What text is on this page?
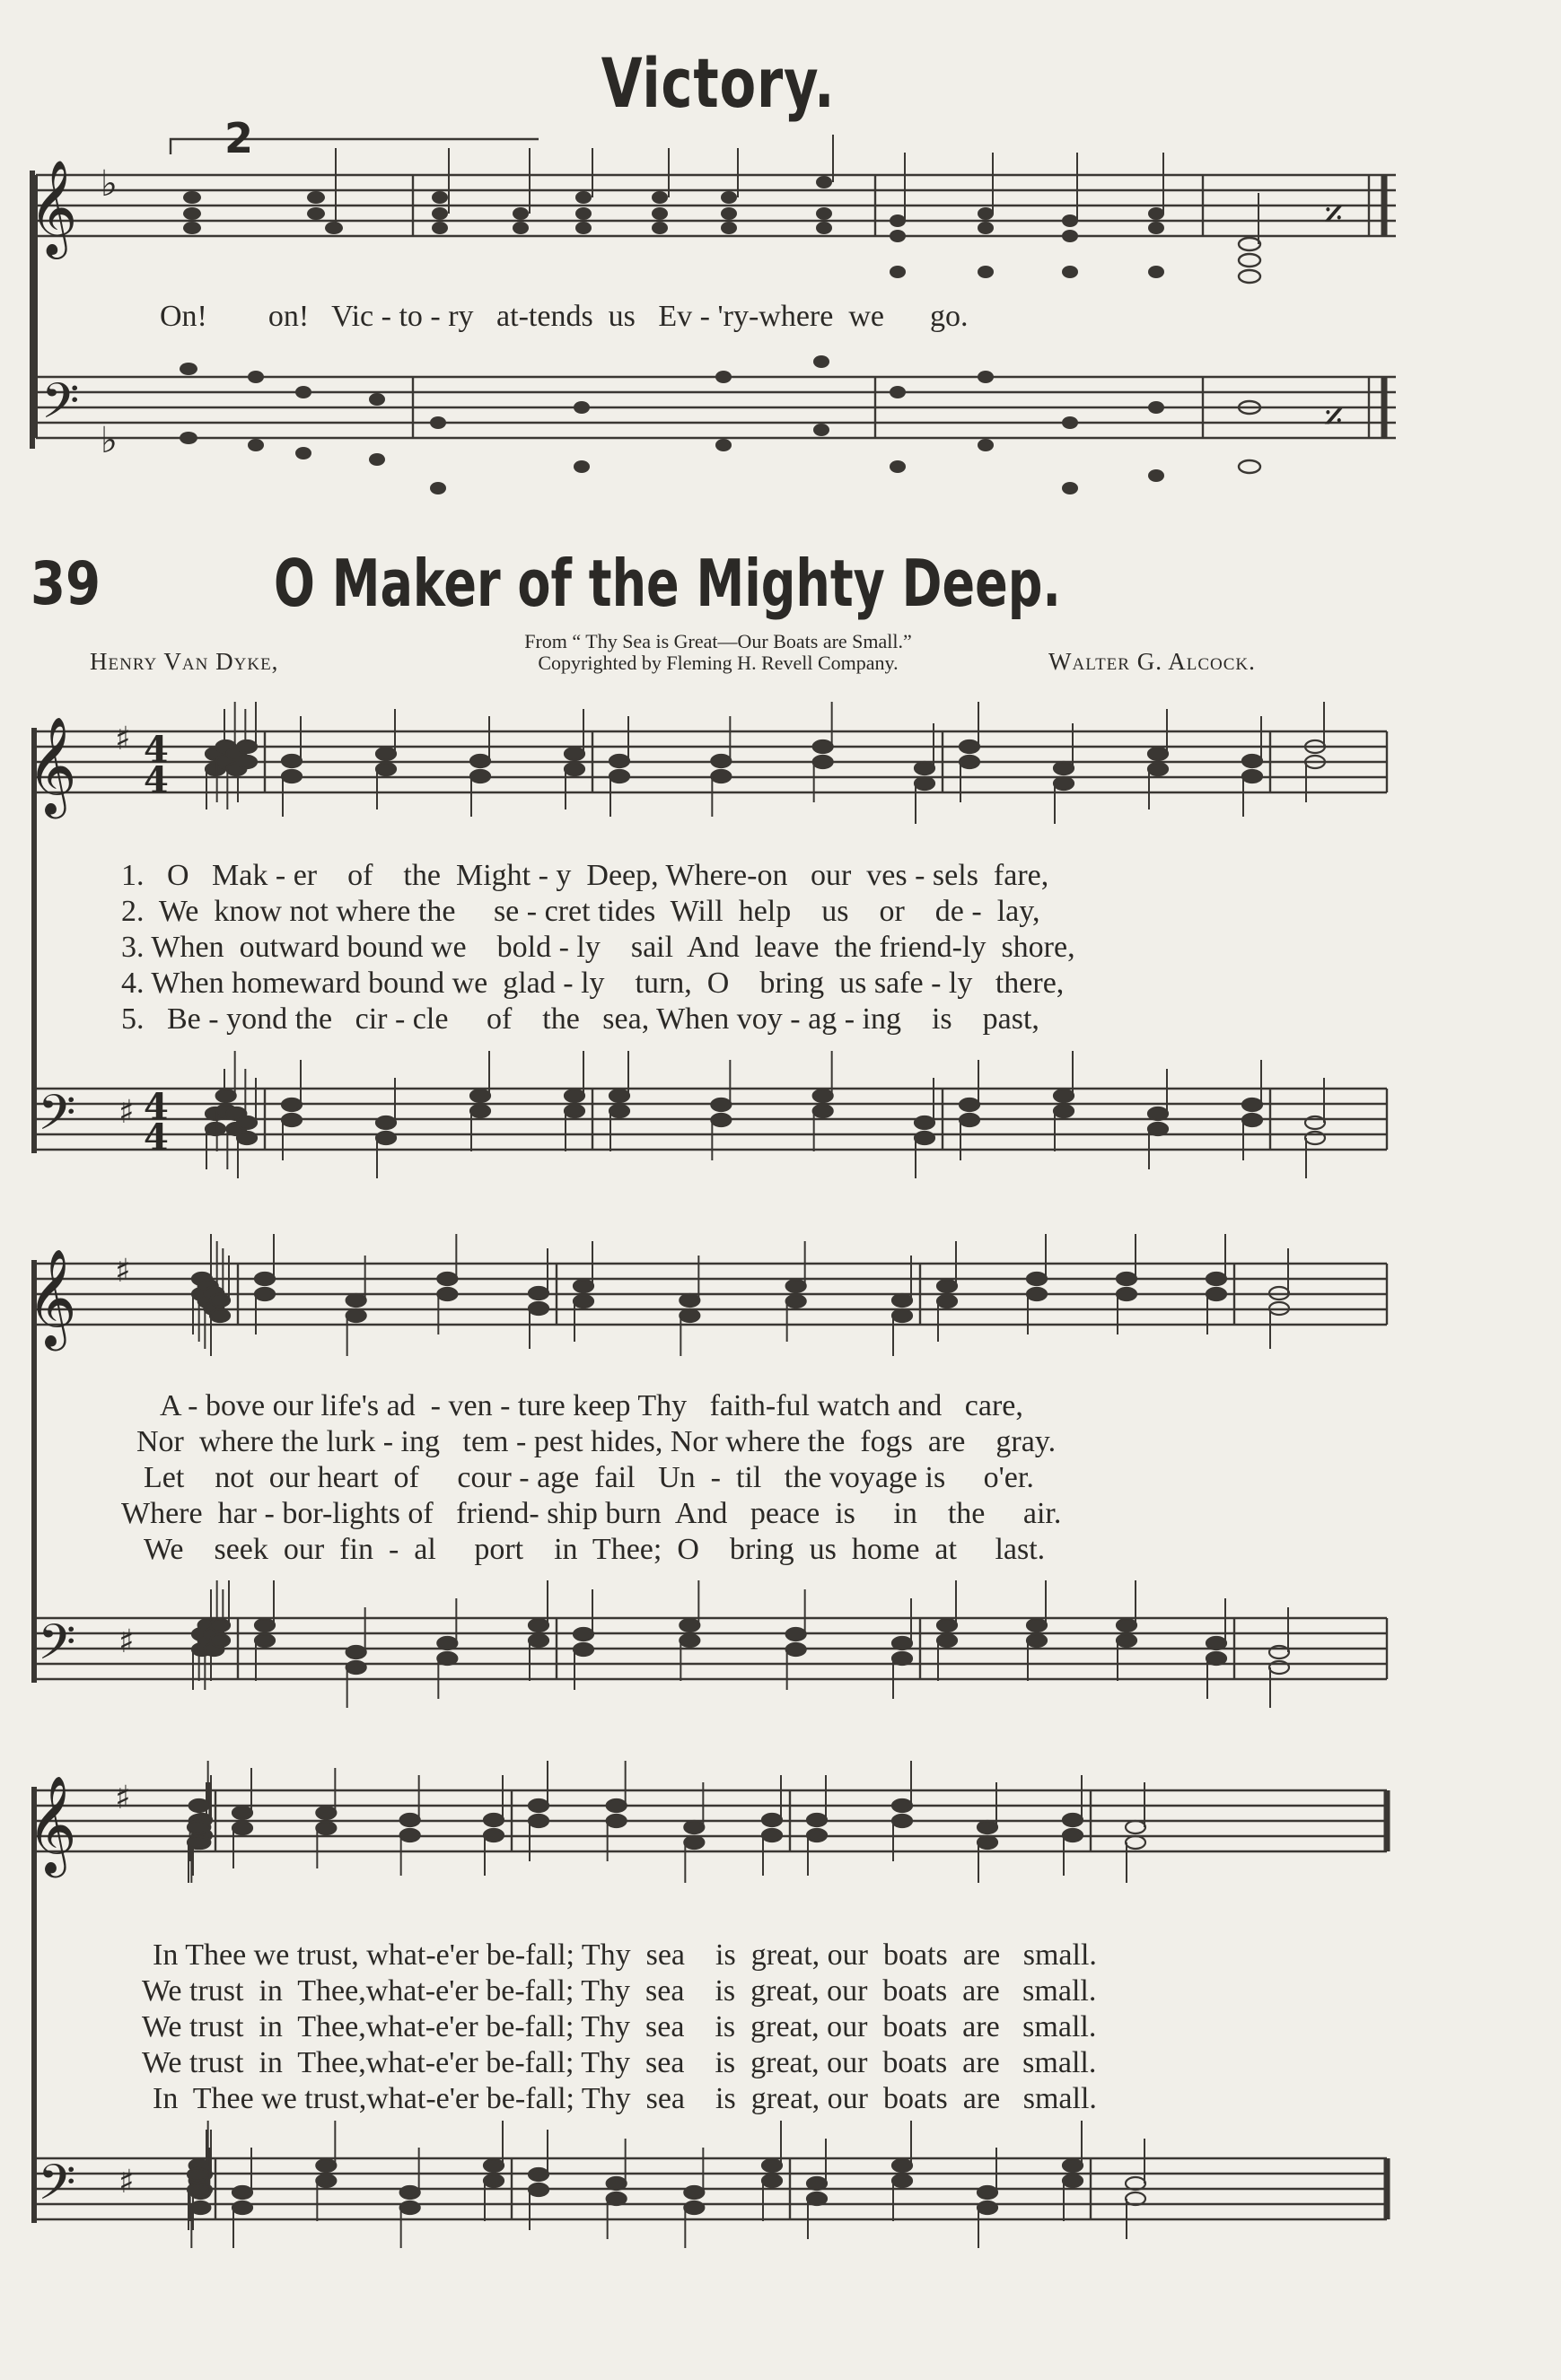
Victory.
𝄞 ♭
𝄢 ♭
𝄎
𝄎
2
On!        on!   Vic - to - ry   at-tends  us   Ev - 'ry-where  we      go.
39	O Maker of the Mighty Deep.
From “ Thy Sea is Great—Our Boats are Small.”
Copyrighted by Fleming H. Revell Company.
Henry Van Dyke,	Walter G. Alcock.
𝄞
𝄢
♯
♯
4
4
4
4
𝄞
𝄢
♯
♯
𝄞
𝄢
♯
♯
1.   O   Mak - er    of    the  Might - y  Deep, Where-on   our  ves - sels  fare,
2.  We  know not where the     se - cret tides  Will  help    us    or    de -  lay,
3. When  outward bound we    bold - ly    sail  And  leave  the friend-ly  shore,
4. When homeward bound we  glad - ly    turn,  O    bring  us safe - ly   there,
5.   Be - yond the   cir - cle     of    the   sea, When voy - ag - ing    is    past,
A - bove our life's ad  - ven - ture keep Thy   faith-ful watch and   care,
Nor  where the lurk - ing   tem - pest hides, Nor where the  fogs  are    gray.
Let    not  our heart  of     cour - age  fail   Un  -  til   the voyage is     o'er.
Where  har - bor-lights of   friend- ship burn  And   peace  is     in    the     air.
We    seek  our  fin  -  al     port    in  Thee;  O    bring  us  home  at     last.
In Thee we trust, what-e'er be-fall; Thy  sea    is  great, our  boats  are   small.
We trust  in  Thee,what-e'er be-fall; Thy  sea    is  great, our  boats  are   small.
We trust  in  Thee,what-e'er be-fall; Thy  sea    is  great, our  boats  are   small.
We trust  in  Thee,what-e'er be-fall; Thy  sea    is  great, our  boats  are   small.
In  Thee we trust,what-e'er be-fall; Thy  sea    is  great, our  boats  are   small.
